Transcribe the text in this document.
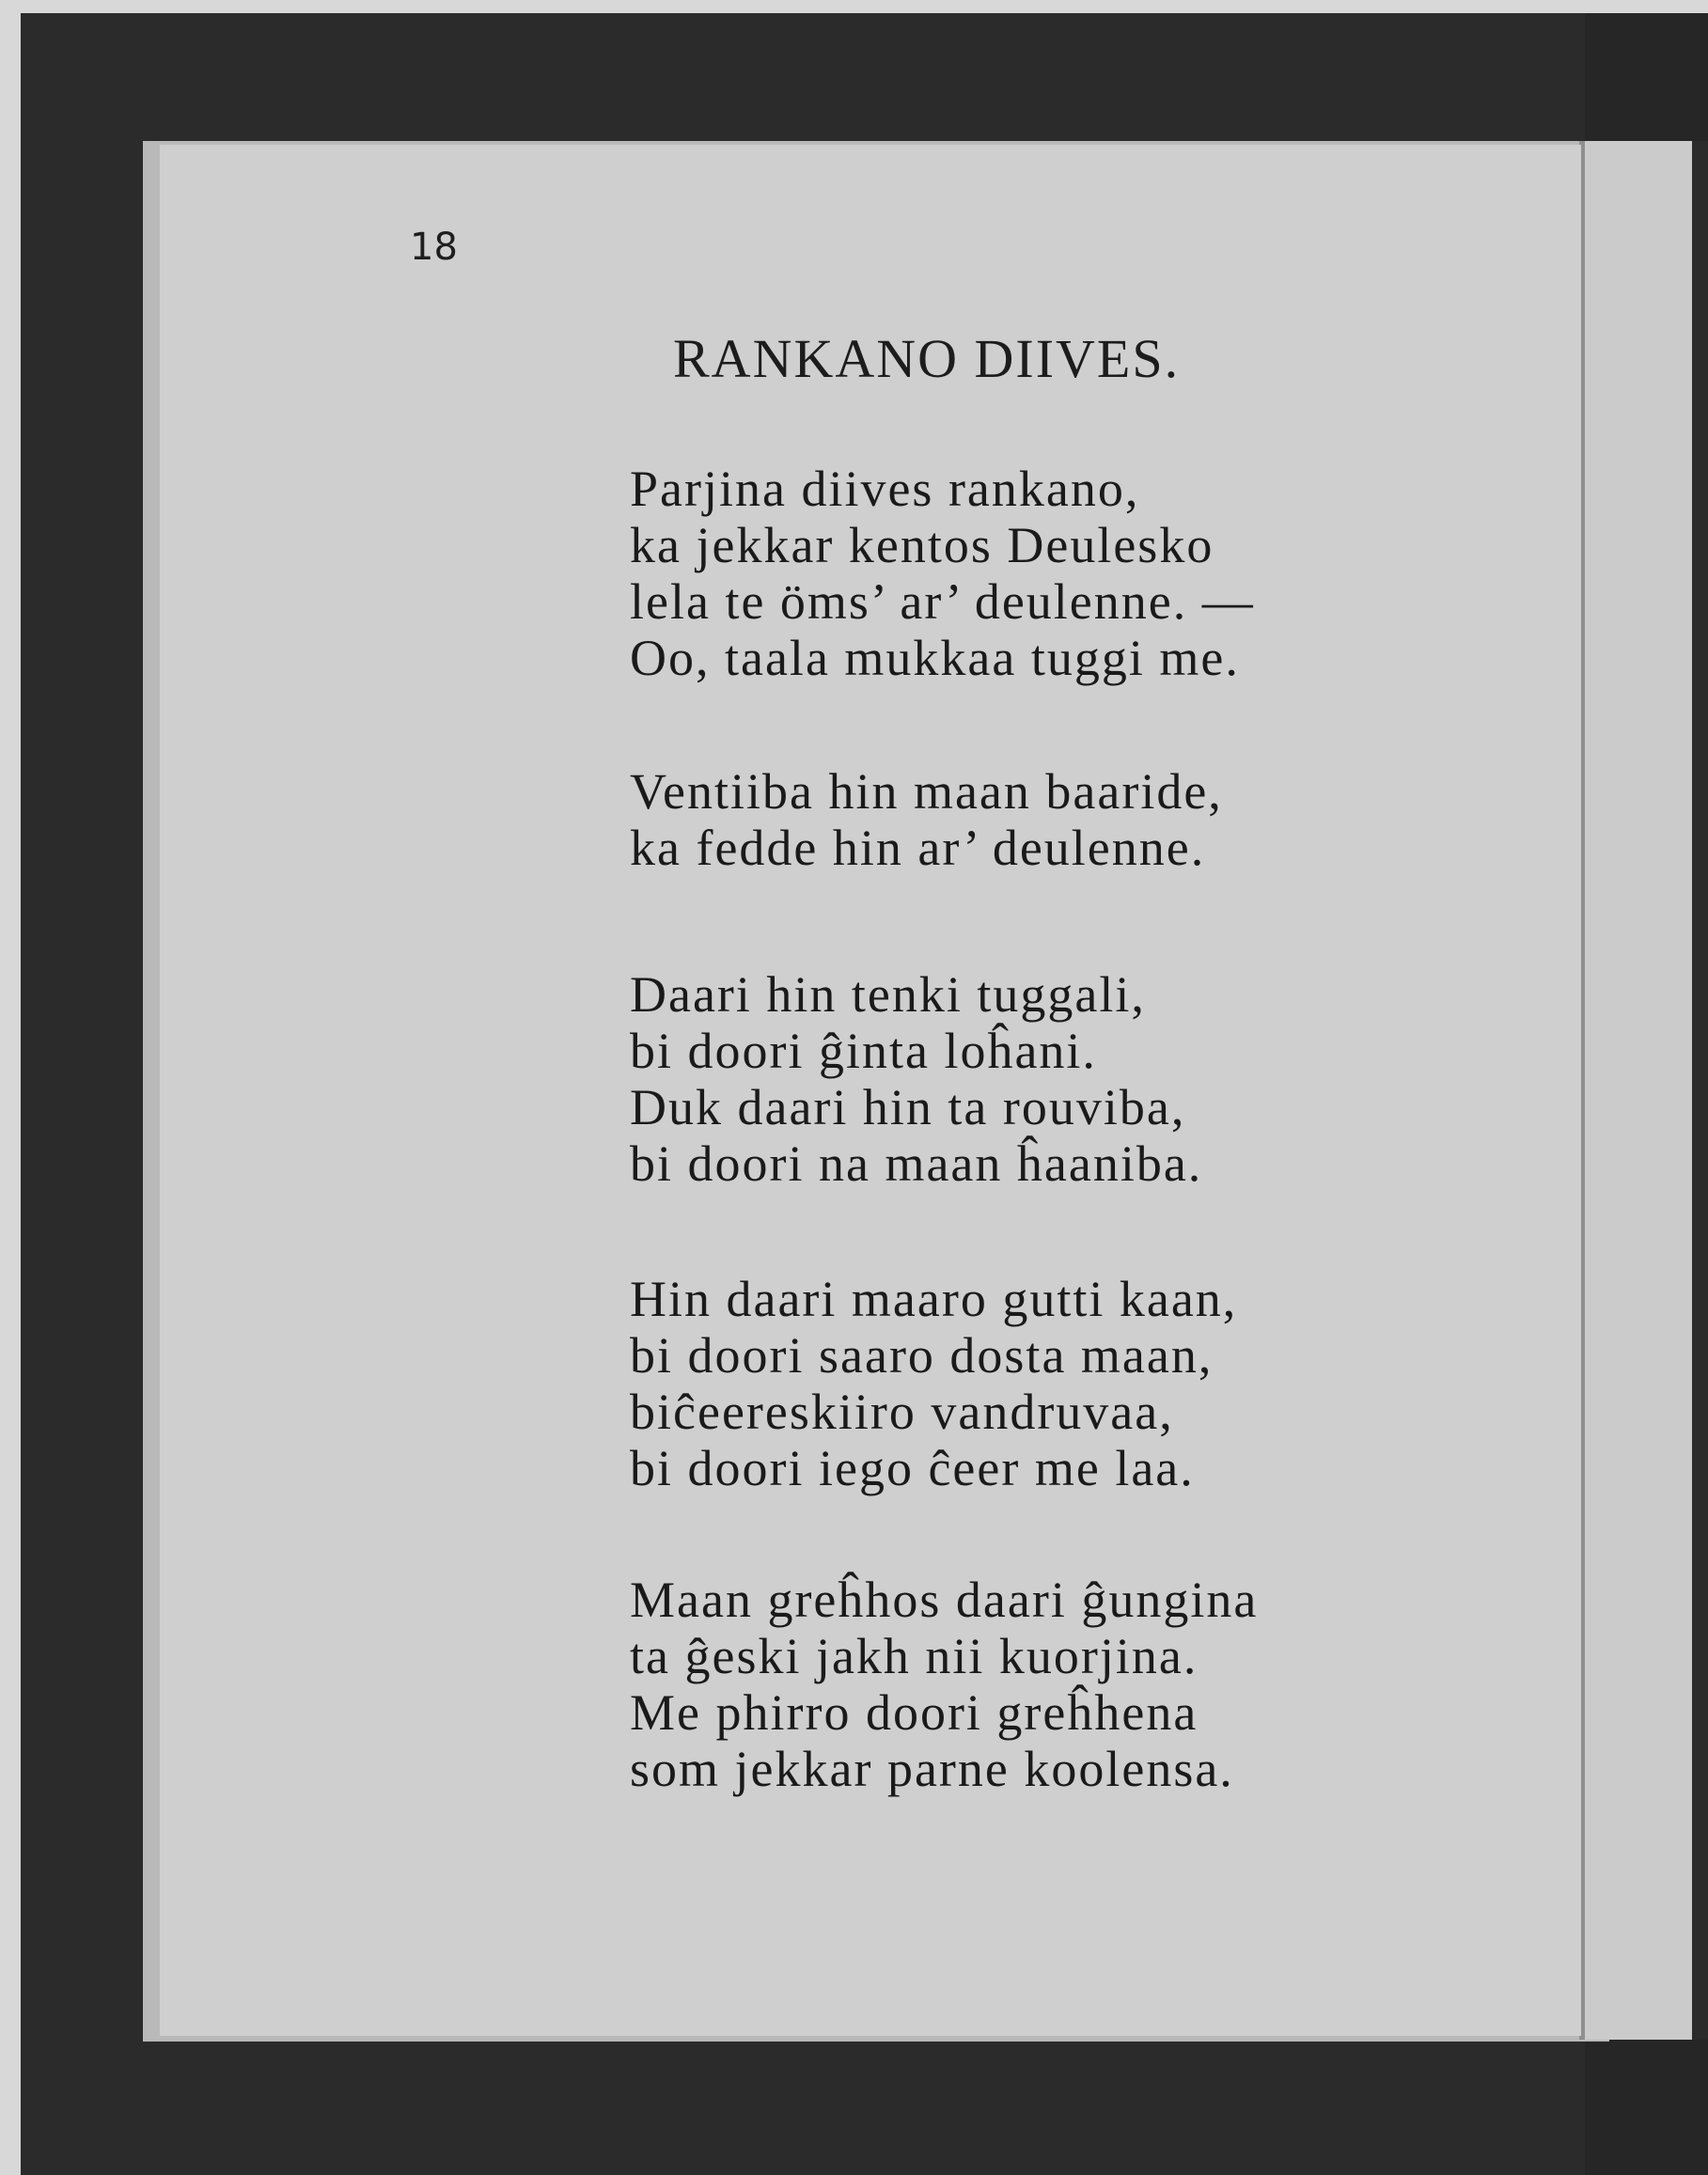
18
RANKANO DIIVES.
Parjina diives rankano,
ka jekkar kentos Deulesko
lela te öms’ ar’ deulenne. —
Oo, taala mukkaa tuggi me.
Ventiiba hin maan baaride,
ka fedde hin ar’ deulenne.
Daari hin tenki tuggali,
bi doori ĝinta loĥani.
Duk daari hin ta rouviba,
bi doori na maan ĥaaniba.
Hin daari maaro gutti kaan,
bi doori saaro dosta maan,
biĉeereskiiro vandruvaa,
bi doori iego ĉeer me laa.
Maan greĥhos daari ĝungina
ta ĝeski jakh nii kuorjina.
Me phirro doori greĥhena
som jekkar parne koolensa.
